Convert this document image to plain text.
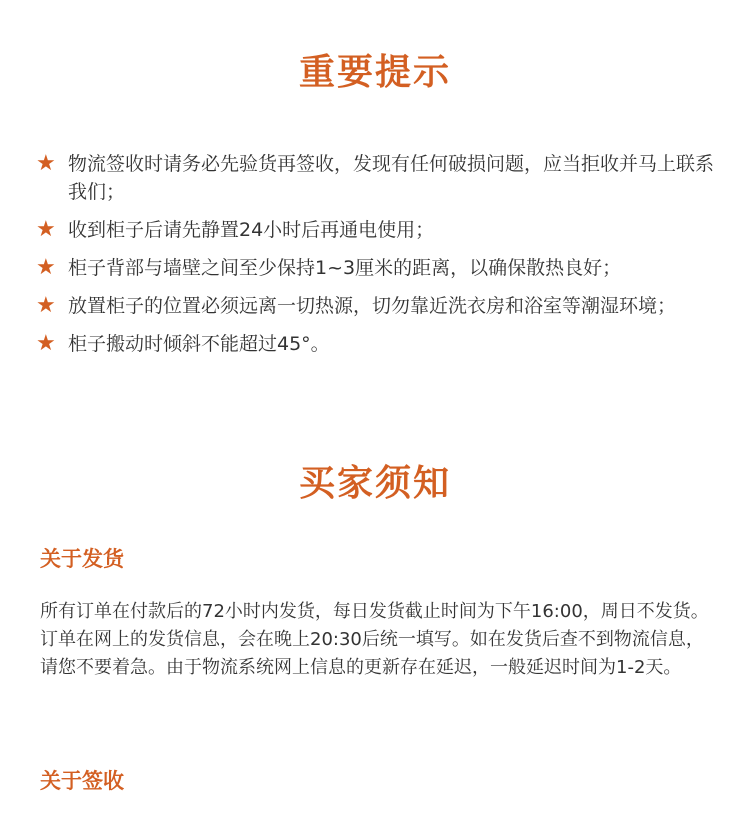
重要提示
★ 物流签收时请务必先验货再签收，发现有任何破损问题，应当拒收并马上联系我们；
★ 收到柜子后请先静置24小时后再通电使用；
★ 柜子背部与墙壁之间至少保持1~3厘米的距离，以确保散热良好；
★ 放置柜子的位置必须远离一切热源，切勿靠近洗衣房和浴室等潮湿环境；
★ 柜子搬动时倾斜不能超过45°。
买家须知
关于发货

所有订单在付款后的72小时内发货，每日发货截止时间为下午16:00，周日不发货。订单在网上的发货信息，会在晚上20:30后统一填写。如在发货后查不到物流信息，请您不要着急。由于物流系统网上信息的更新存在延迟，一般延迟时间为1-2天。

关于签收
